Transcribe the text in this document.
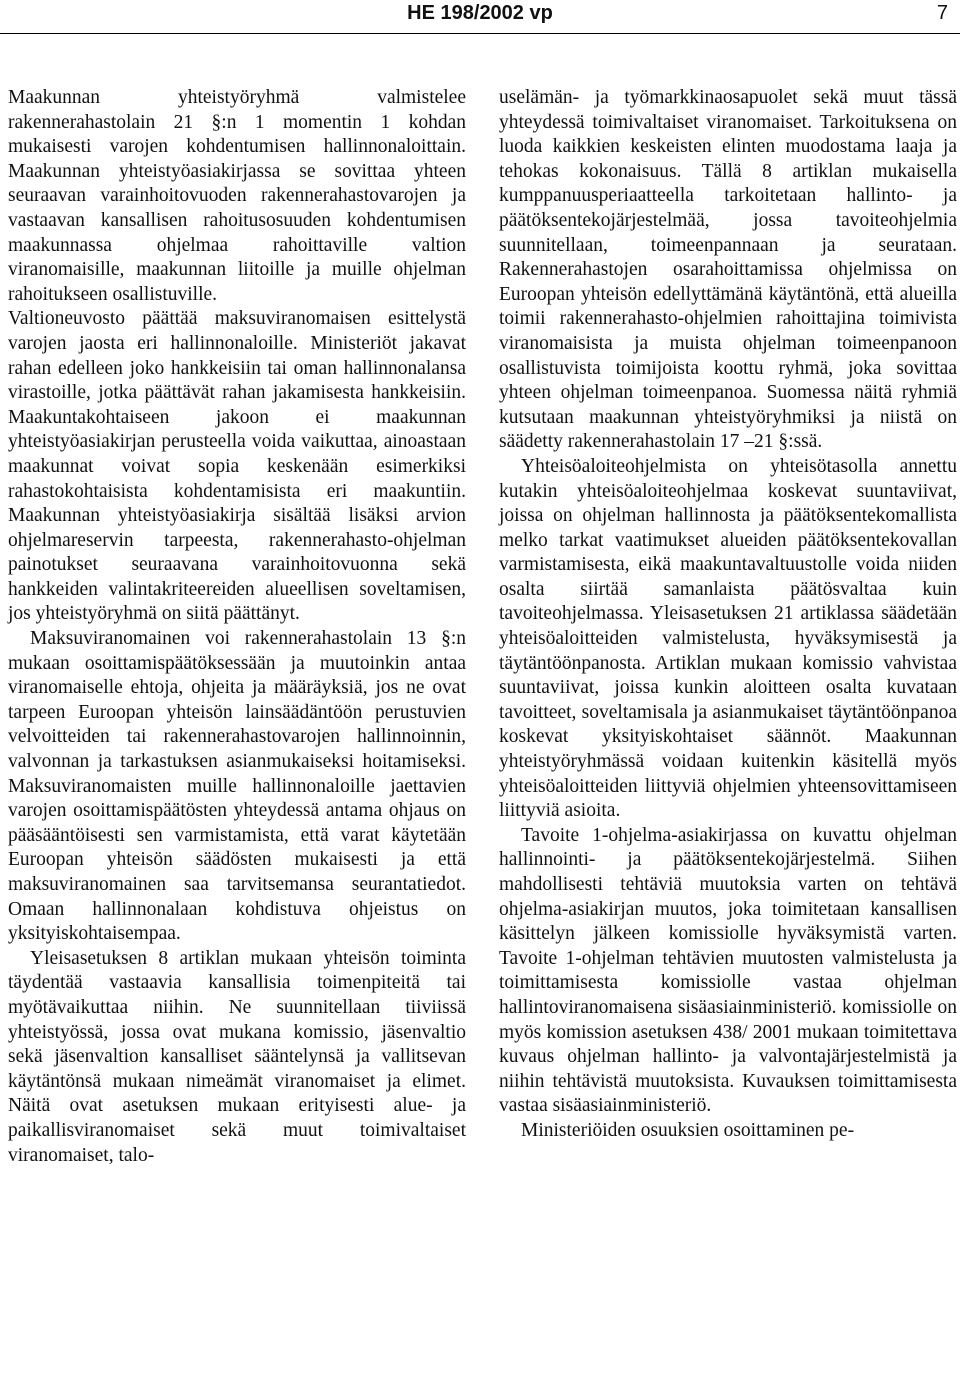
HE 198/2002 vp	7

Maakunnan yhteistyöryhmä valmistelee rakennerahastolain 21 §:n 1 momentin 1 kohdan mukaisesti varojen kohdentumisen hallinnonaloittain. Maakunnan yhteistyöasiakirjassa se sovittaa yhteen seuraavan varainhoitovuoden rakennerahastovarojen ja vastaavan kansallisen rahoitusosuuden kohdentumisen maakunnassa ohjelmaa rahoittaville valtion viranomaisille, maakunnan liitoille ja muille ohjelman rahoitukseen osallistuville.

Valtioneuvosto päättää maksuviranomaisen esittelystä varojen jaosta eri hallinnonaloille. Ministeriöt jakavat rahan edelleen joko hankkeisiin tai oman hallinnonalansa virastoille, jotka päättävät rahan jakamisesta hankkeisiin. Maakuntakohtaiseen jakoon ei maakunnan yhteistyöasiakirjan perusteella voida vaikuttaa, ainoastaan maakunnat voivat sopia keskenään esimerkiksi rahastokohtaisista kohdentamisista eri maakuntiin. Maakunnan yhteistyöasiakirja sisältää lisäksi arvion ohjelmareservin tarpeesta, rakennerahasto-ohjelman painotukset seuraavana varainhoitovuonna sekä hankkeiden valintakriteereiden alueellisen soveltamisen, jos yhteistyöryhmä on siitä päättänyt.

Maksuviranomainen voi rakennerahastolain 13 §:n mukaan osoittamispäätöksessään ja muutoinkin antaa viranomaiselle ehtoja, ohjeita ja määräyksiä, jos ne ovat tarpeen Euroopan yhteisön lainsäädäntöön perustuvien velvoitteiden tai rakennerahastovarojen hallinnoinnin, valvonnan ja tarkastuksen asianmukaiseksi hoitamiseksi. Maksuviranomaisten muille hallinnonaloille jaettavien varojen osoittamispäätösten yhteydessä antama ohjaus on pääsääntöisesti sen varmistamista, että varat käytetään Euroopan yhteisön säädösten mukaisesti ja että maksuviranomainen saa tarvitsemansa seurantatiedot. Omaan hallinnonalaan kohdistuva ohjeistus on yksityiskohtaisempaa.

Yleisasetuksen 8 artiklan mukaan yhteisön toiminta täydentää vastaavia kansallisia toimenpiteitä tai myötävaikuttaa niihin. Ne suunnitellaan tiiviissä yhteistyössä, jossa ovat mukana komissio, jäsenvaltio sekä jäsenvaltion kansalliset sääntelynsä ja vallitsevan käytäntönsä mukaan nimeämät viranomaiset ja elimet. Näitä ovat asetuksen mukaan erityisesti alue- ja paikallisviranomaiset sekä muut toimivaltaiset viranomaiset, talo-

uselämän- ja työmarkkinaosapuolet sekä muut tässä yhteydessä toimivaltaiset viranomaiset. Tarkoituksena on luoda kaikkien keskeisten elinten muodostama laaja ja tehokas kokonaisuus. Tällä 8 artiklan mukaisella kumppanuusperiaatteella tarkoitetaan hallinto- ja päätöksentekojärjestelmää, jossa tavoiteohjelmia suunnitellaan, toimeenpannaan ja seurataan. Rakennerahastojen osarahoittamissa ohjelmissa on Euroopan yhteisön edellyttämänä käytäntönä, että alueilla toimii rakennerahasto-ohjelmien rahoittajina toimivista viranomaisista ja muista ohjelman toimeenpanoon osallistuvista toimijoista koottu ryhmä, joka sovittaa yhteen ohjelman toimeenpanoa. Suomessa näitä ryhmiä kutsutaan maakunnan yhteistyöryhmiksi ja niistä on säädetty rakennerahastolain 17 –21 §:ssä.

Yhteisöaloiteohjelmista on yhteisötasolla annettu kutakin yhteisöaloiteohjelmaa koskevat suuntaviivat, joissa on ohjelman hallinnosta ja päätöksentekomallista melko tarkat vaatimukset alueiden päätöksentekovallan varmistamisesta, eikä maakuntavaltuustolle voida niiden osalta siirtää samanlaista päätösvaltaa kuin tavoiteohjelmassa. Yleisasetuksen 21 artiklassa säädetään yhteisöaloitteiden valmistelusta, hyväksymisestä ja täytäntöönpanosta. Artiklan mukaan komissio vahvistaa suuntaviivat, joissa kunkin aloitteen osalta kuvataan tavoitteet, soveltamisala ja asianmukaiset täytäntöönpanoa koskevat yksityiskohtaiset säännöt. Maakunnan yhteistyöryhmässä voidaan kuitenkin käsitellä myös yhteisöaloitteiden liittyviä ohjelmien yhteensovittamiseen liittyviä asioita.

Tavoite 1-ohjelma-asiakirjassa on kuvattu ohjelman hallinnointi- ja päätöksentekojärjestelmä. Siihen mahdollisesti tehtäviä muutoksia varten on tehtävä ohjelma-asiakirjan muutos, joka toimitetaan kansallisen käsittelyn jälkeen komissiolle hyväksymistä varten. Tavoite 1-ohjelman tehtävien muutosten valmistelusta ja toimittamisesta komissiolle vastaa ohjelman hallintoviranomaisena sisäasiainministeriö. komissiolle on myös komission asetuksen 438/ 2001 mukaan toimitettava kuvaus ohjelman hallinto- ja valvontajärjestelmistä ja niihin tehtävistä muutoksista. Kuvauksen toimittamisesta vastaa sisäasiainministeriö.

Ministeriöiden osuuksien osoittaminen pe-
